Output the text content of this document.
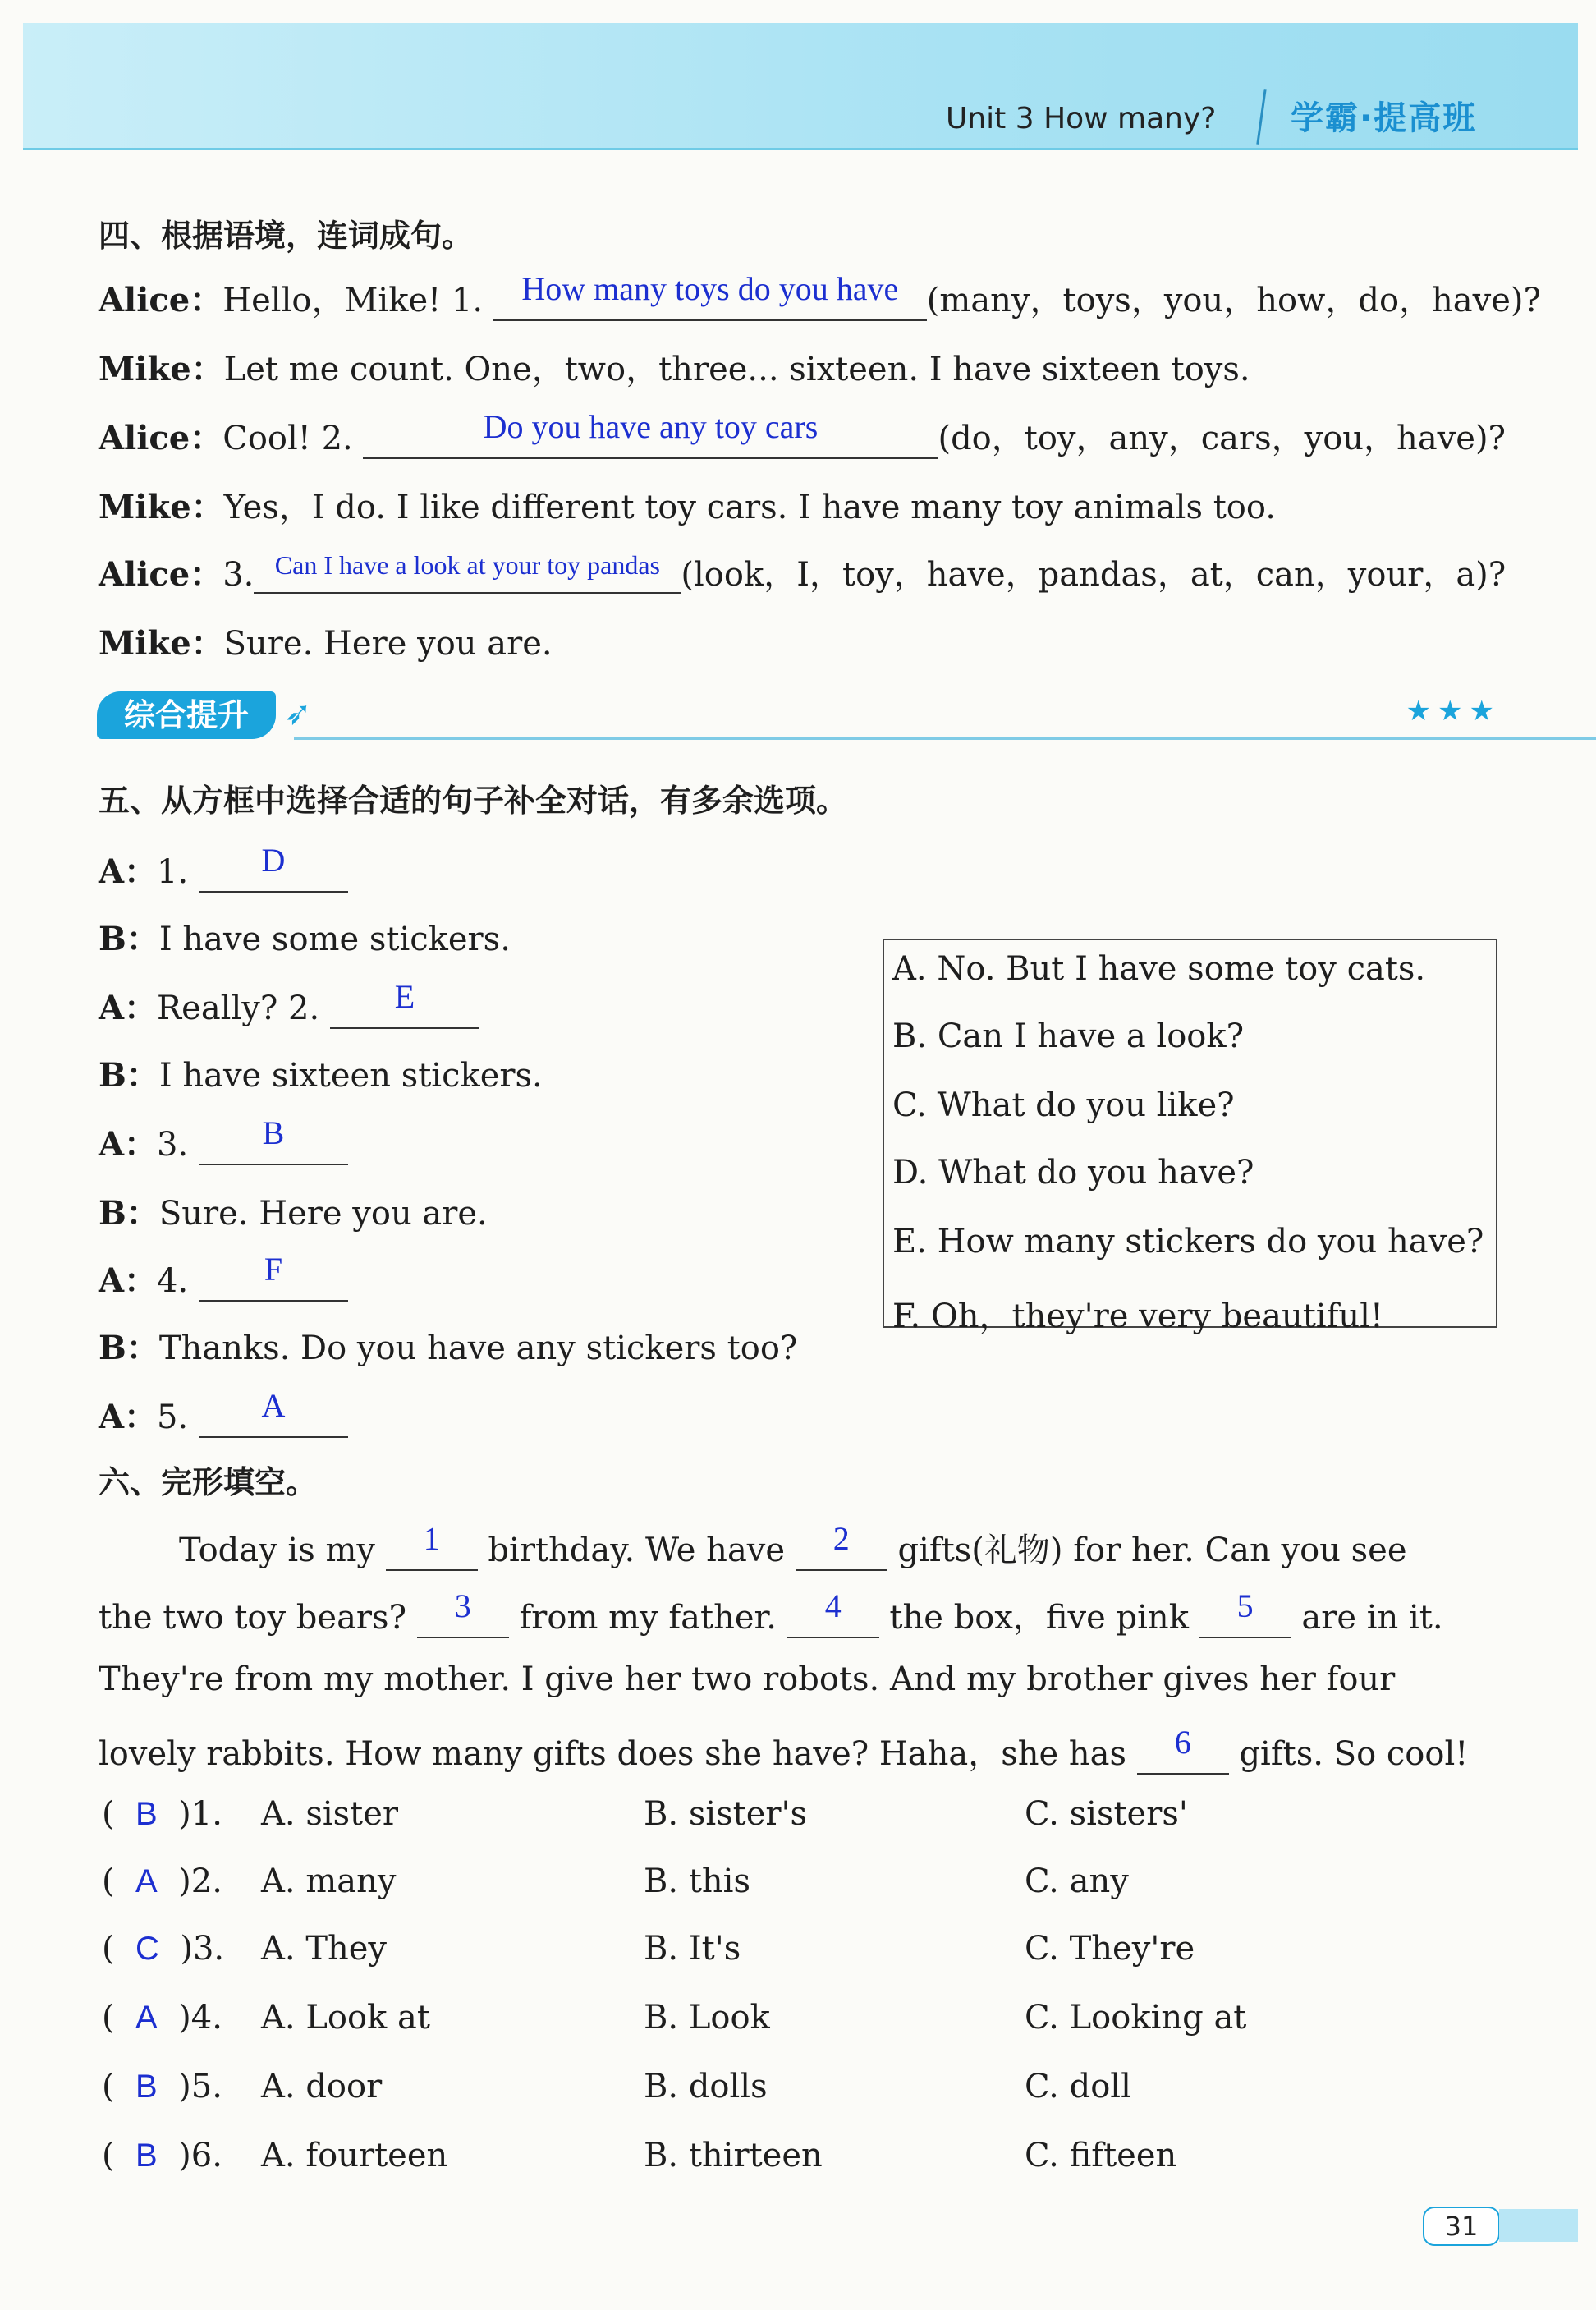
Unit 3 How many? 学霸·提高班
四、根据语境，连词成句。
Alice：Hello，Mike! 1. How many toys do you have (many，toys，you，how，do，have)?
Mike：Let me count. One，two，three... sixteen. I have sixteen toys.
Alice：Cool! 2.	Do you have any toy cars	(do，toy，any，cars，you，have)?
Mike：Yes，I do. I like different toy cars. I have many toy animals too.
Alice：3. Can I have a look at your toy pandas (look，I，toy，have，pandas，at，can，your，a)?
Mike：Sure. Here you are.
综合提升	➶	★★★
五、从方框中选择合适的句子补全对话，有多余选项。
A：1. D
B：I have some stickers.
A：Really? 2. E
B：I have sixteen stickers.
A：3. B
B：Sure. Here you are.
A：4. F
B：Thanks. Do you have any stickers too?
A：5. A
A. No. But I have some toy cats.
B. Can I have a look?
C. What do you like?
D. What do you have?
E. How many stickers do you have?
F. Oh，they're very beautiful!
六、完形填空。
Today is my 1 birthday. We have 2 gifts(礼物) for her. Can you see
the two toy bears? 3 from my father. 4 the box，five pink 5 are in it.
They're from my mother. I give her two robots. And my brother gives her four
lovely rabbits. How many gifts does she have? Haha，she has 6 gifts. So cool!
(  B )1. A. sister	B. sister's	C. sisters'
(  A )2. A. many	B. this	C. any
(  C )3. A. They	B. It's	C. They're
(  A )4. A. Look at	B. Look	C. Looking at
(  B )5. A. door	B. dolls	C. doll
(  B )6. A. fourteen	B. thirteen	C. fifteen
31
